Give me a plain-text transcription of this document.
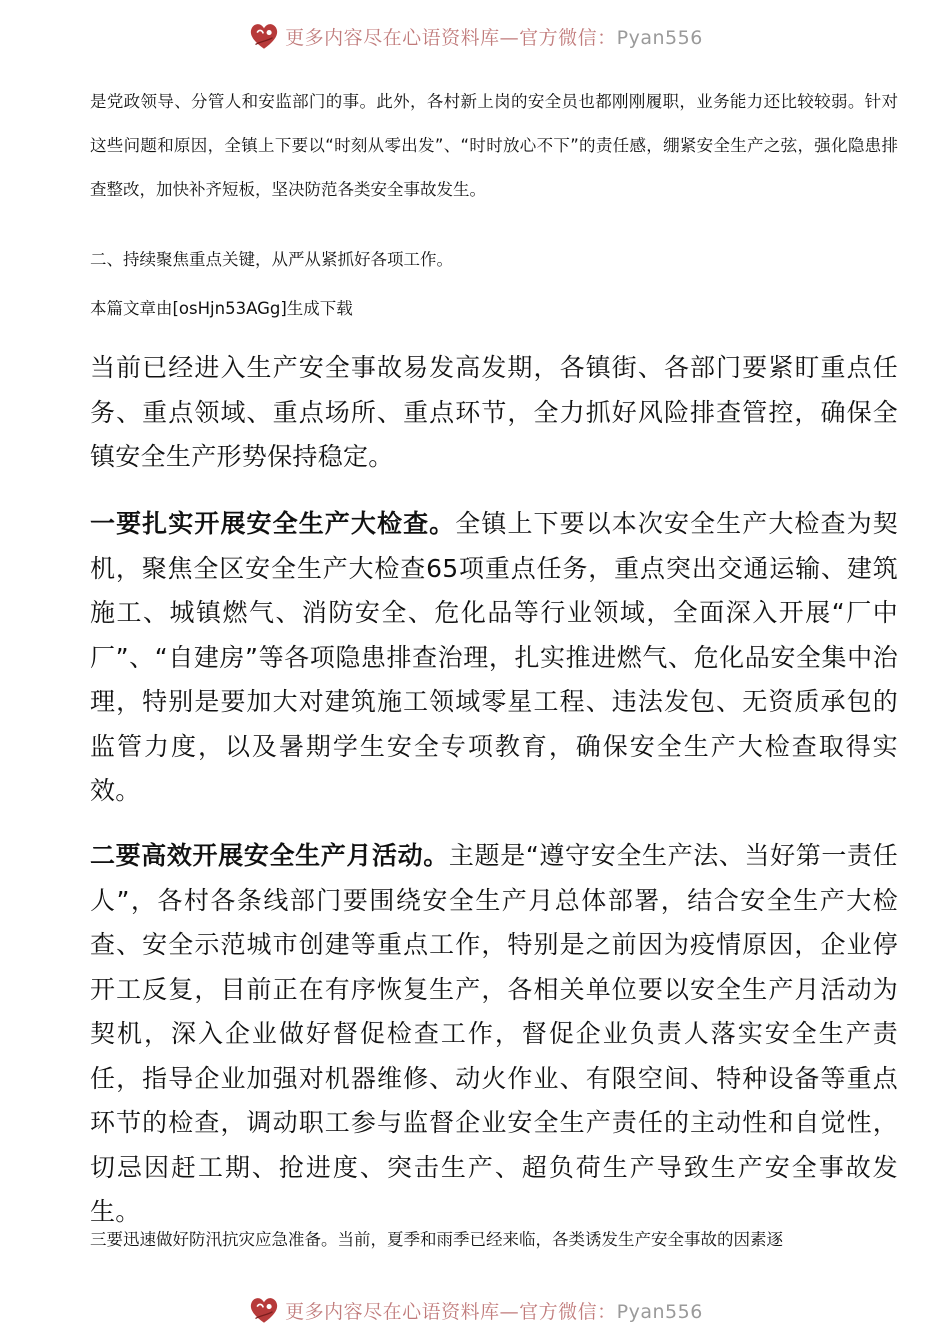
更多内容尽在心语资料库—官方微信：Pyan556

是党政领导、分管人和安监部门的事。此外，各村新上岗的安全员也都刚刚履职，业务能力还比较较弱。针对这些问题和原因，全镇上下要以“时刻从零出发”、“时时放心不下”的责任感，绷紧安全生产之弦，强化隐患排查整改，加快补齐短板，坚决防范各类安全事故发生。

二、持续聚焦重点关键，从严从紧抓好各项工作。

本篇文章由[osHjn53AGg]生成下载

当前已经进入生产安全事故易发高发期，各镇街、各部门要紧盯重点任务、重点领域、重点场所、重点环节，全力抓好风险排查管控，确保全镇安全生产形势保持稳定。

一要扎实开展安全生产大检查。全镇上下要以本次安全生产大检查为契机，聚焦全区安全生产大检查65项重点任务，重点突出交通运输、建筑施工、城镇燃气、消防安全、危化品等行业领域，全面深入开展“厂中厂”、“自建房”等各项隐患排查治理，扎实推进燃气、危化品安全集中治理，特别是要加大对建筑施工领域零星工程、违法发包、无资质承包的监管力度，以及暑期学生安全专项教育，确保安全生产大检查取得实效。

二要高效开展安全生产月活动。主题是“遵守安全生产法、当好第一责任人”，各村各条线部门要围绕安全生产月总体部署，结合安全生产大检查、安全示范城市创建等重点工作，特别是之前因为疫情原因，企业停开工反复，目前正在有序恢复生产，各相关单位要以安全生产月活动为契机，深入企业做好督促检查工作，督促企业负责人落实安全生产责任，指导企业加强对机器维修、动火作业、有限空间、特种设备等重点环节的检查，调动职工参与监督企业安全生产责任的主动性和自觉性，切忌因赶工期、抢进度、突击生产、超负荷生产导致生产安全事故发生。

三要迅速做好防汛抗灾应急准备。当前，夏季和雨季已经来临，各类诱发生产安全事故的因素逐

更多内容尽在心语资料库—官方微信：Pyan556
